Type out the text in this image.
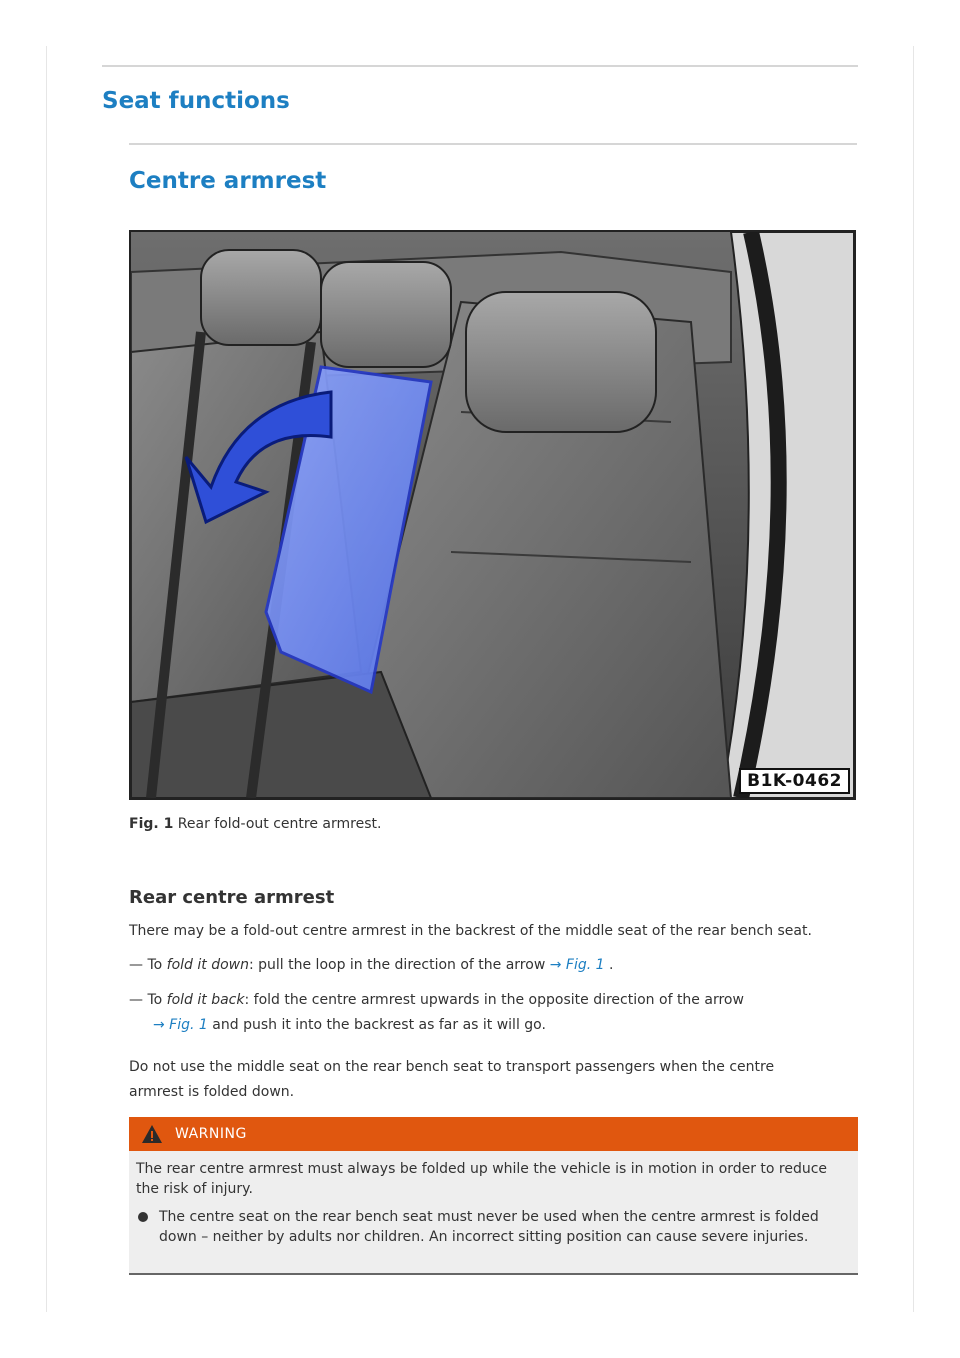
Seat functions
Centre armrest
B1K-0462
Fig. 1 Rear fold-out centre armrest.
Rear centre armrest
There may be a fold-out centre armrest in the backrest of the middle seat of the rear bench seat.
— To fold it down: pull the loop in the direction of the arrow → Fig. 1 .
— To fold it back: fold the centre armrest upwards in the opposite direction of the arrow
→ Fig. 1 and push it into the backrest as far as it will go.
Do not use the middle seat on the rear bench seat to transport passengers when the centre
armrest is folded down.
WARNING
The rear centre armrest must always be folded up while the vehicle is in motion in order to reduce the risk of injury.
The centre seat on the rear bench seat must never be used when the centre armrest is folded down – neither by adults nor children. An incorrect sitting position can cause severe injuries.
